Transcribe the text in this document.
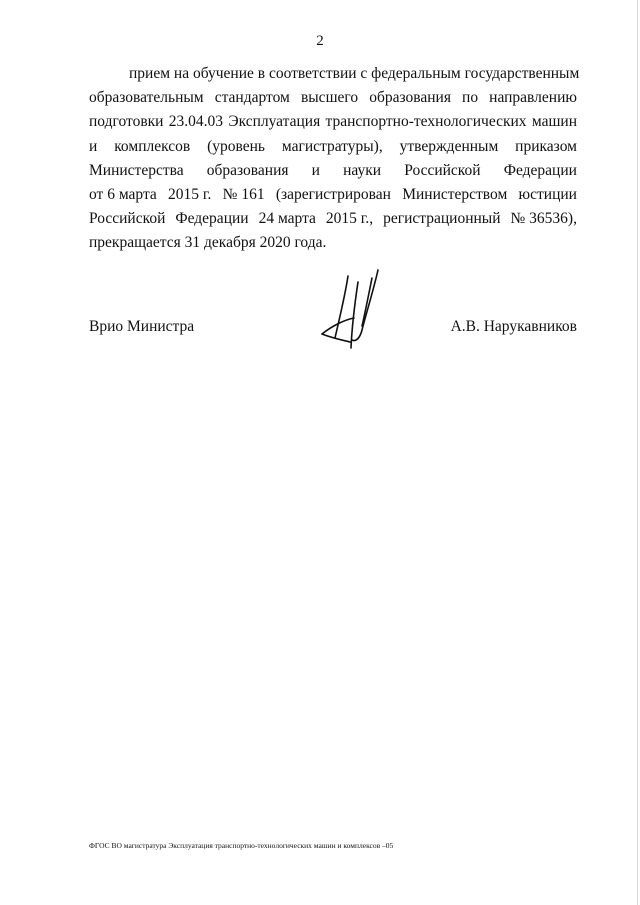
2
прием на обучение в соответствии с федеральным государственным
образовательным стандартом высшего образования по направлению
подготовки 23.04.03 Эксплуатация транспортно-технологических машин
и комплексов (уровень магистратуры), утвержденным приказом
Министерства образования и науки Российской Федерации
от 6 марта 2015 г. № 161 (зарегистрирован Министерством юстиции
Российской Федерации 24 марта 2015 г., регистрационный № 36536),
прекращается 31 декабря 2020 года.
Врио Министра	А.В. Нарукавников
ФГОС ВО магистратура Эксплуатация транспортно-технологических машин и комплексов –05
